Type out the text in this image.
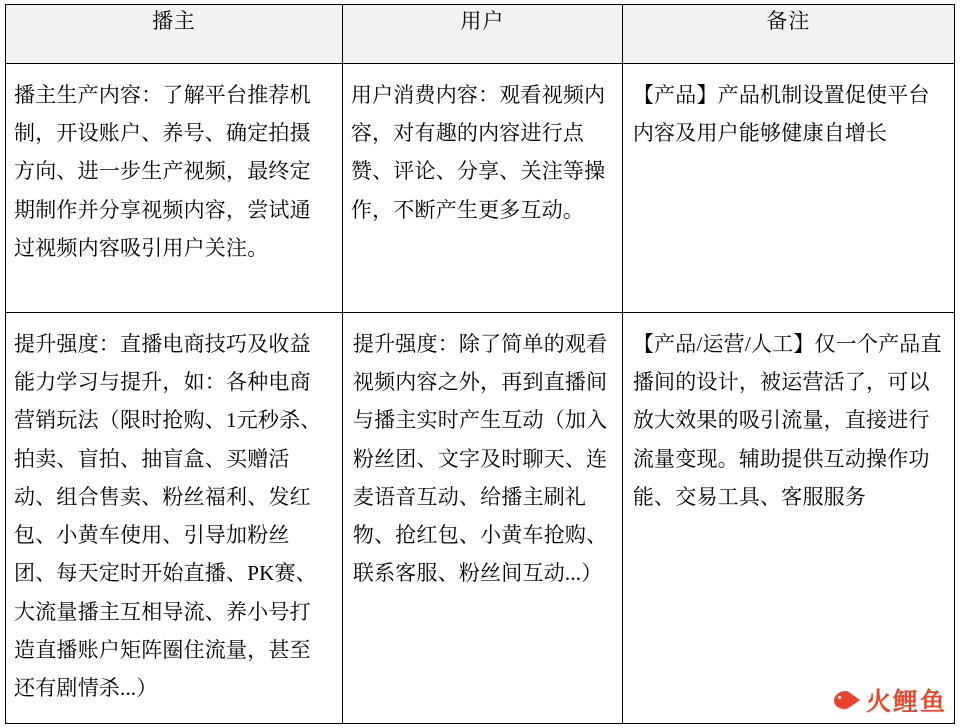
播主	用户	备注

播主生产内容：了解平台推荐机制，开设账户、养号、确定拍摄方向、进一步生产视频，最终定期制作并分享视频内容，尝试通过视频内容吸引用户关注。	用户消费内容：观看视频内容，对有趣的内容进行点赞、评论、分享、关注等操作，不断产生更多互动。	【产品】产品机制设置促使平台内容及用户能够健康自增长

提升强度：直播电商技巧及收益能力学习与提升，如：各种电商营销玩法（限时抢购、1元秒杀、拍卖、盲拍、抽盲盒、买赠活动、组合售卖、粉丝福利、发红包、小黄车使用、引导加粉丝团、每天定时开始直播、PK赛、大流量播主互相导流、养小号打造直播账户矩阵圈住流量，甚至还有剧情杀...）	提升强度：除了简单的观看视频内容之外，再到直播间与播主实时产生互动（加入粉丝团、文字及时聊天、连麦语音互动、给播主刷礼物、抢红包、小黄车抢购、联系客服、粉丝间互动...）	【产品/运营/人工】仅一个产品直播间的设计，被运营活了，可以放大效果的吸引流量，直接进行流量变现。辅助提供互动操作功能、交易工具、客服服务
火鲤鱼
